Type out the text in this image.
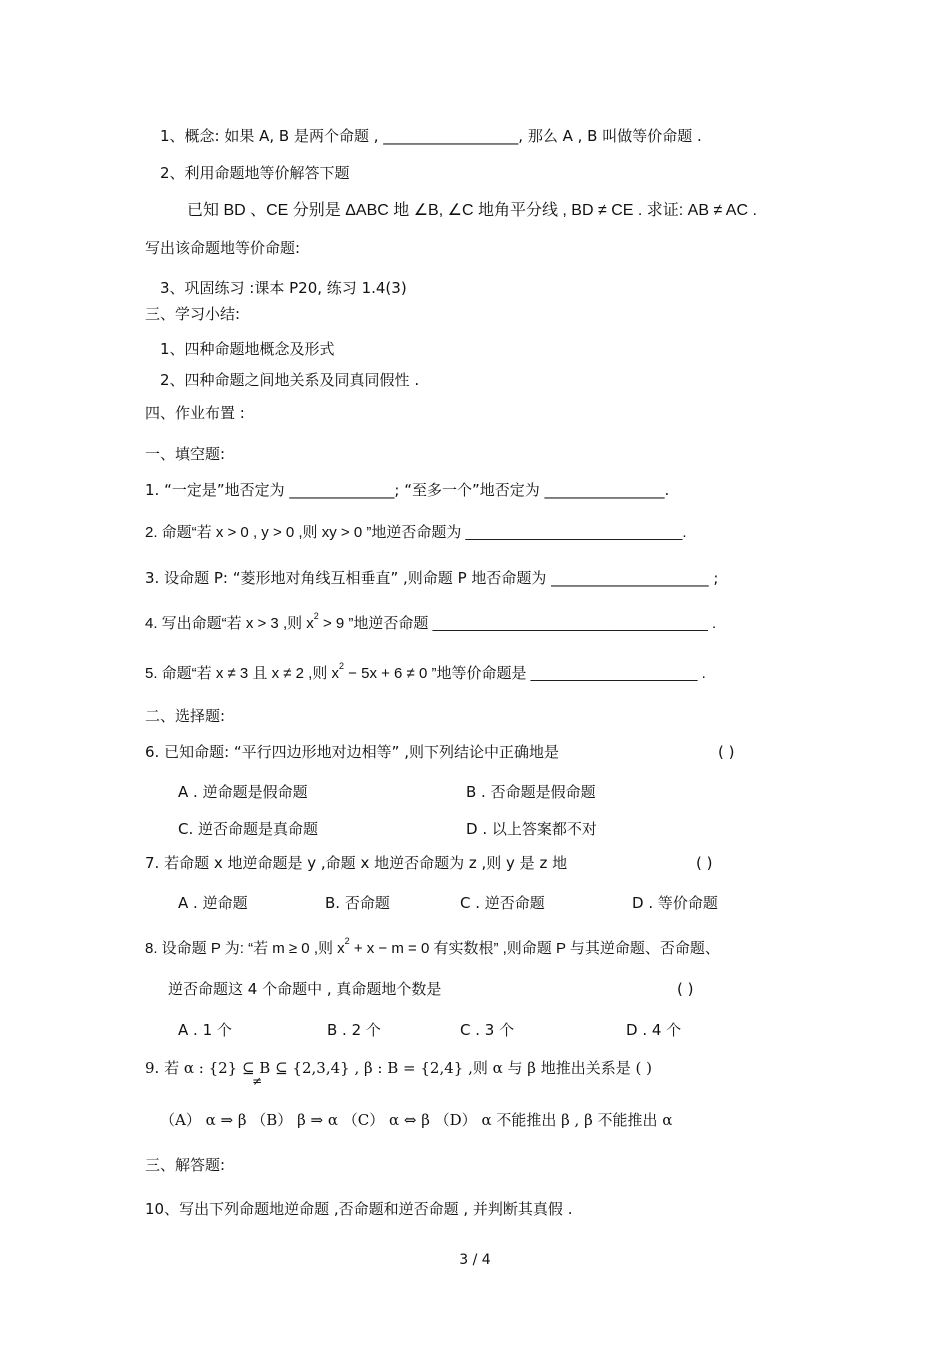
1、概念: 如果 A, B 是两个命题 , __________________, 那么 A , B 叫做等价命题 .
2、利用命题地等价解答下题
已知 BD 、CE 分别是 ΔABC 地 ∠B, ∠C 地角平分线 , BD ≠ CE . 求证: AB ≠ AC .
写出该命题地等价命题:
3、巩固练习 :课本 P20, 练习 1.4(3)
三、学习小结:
1、四种命题地概念及形式
2、四种命题之间地关系及同真同假性 .
四、作业布置 :
一、填空题:
1. “一定是”地否定为 ______________; “至多一个”地否定为 ________________.
2. 命题“若 x > 0 , y > 0 ,则 xy > 0 ”地逆否命题为 __________________________.
3. 设命题 P: “菱形地对角线互相垂直” ,则命题 P 地否命题为 _____________________ ;
4. 写出命题“若 x > 3 ,则 $x^2 > 9$ ”地逆否命题 _________________________________ .
5. 命题“若 x ≠ 3 且 x ≠ 2 ,则 $x^2 - 5x + 6 \ne 0$ ”地等价命题是 ____________________ .
二、选择题:
6. 已知命题: “平行四边形地对边相等” ,则下列结论中正确地是	( )
A . 逆命题是假命题	B . 否命题是假命题
C. 逆否命题是真命题	D . 以上答案都不对
7. 若命题 x 地逆命题是 y ,命题 x 地逆否命题为 z ,则 y 是 z 地	( )
A . 逆命题	B. 否命题	C . 逆否命题	D . 等价命题
8. 设命题 P 为: “若 m ≥ 0 ,则 $x^2 + x - m = 0$ 有实数根” ,则命题 P 与其逆命题、否命题、
逆否命题这 4 个命题中 , 真命题地个数是	( )
A . 1 个	B . 2 个	C . 3 个	D . 4 个
9. 若 α : {2} ⊆ B ⊆ {2,3,4} , β : B = {2,4} ,则 α 与 β 地推出关系是 ( )
≠
（A） α ⇒ β （B） β ⇒ α （C） α ⇔ β （D） α 不能推出 β , β 不能推出 α
三、解答题:
10、写出下列命题地逆命题 ,否命题和逆否命题 , 并判断其真假 .
3 / 4
